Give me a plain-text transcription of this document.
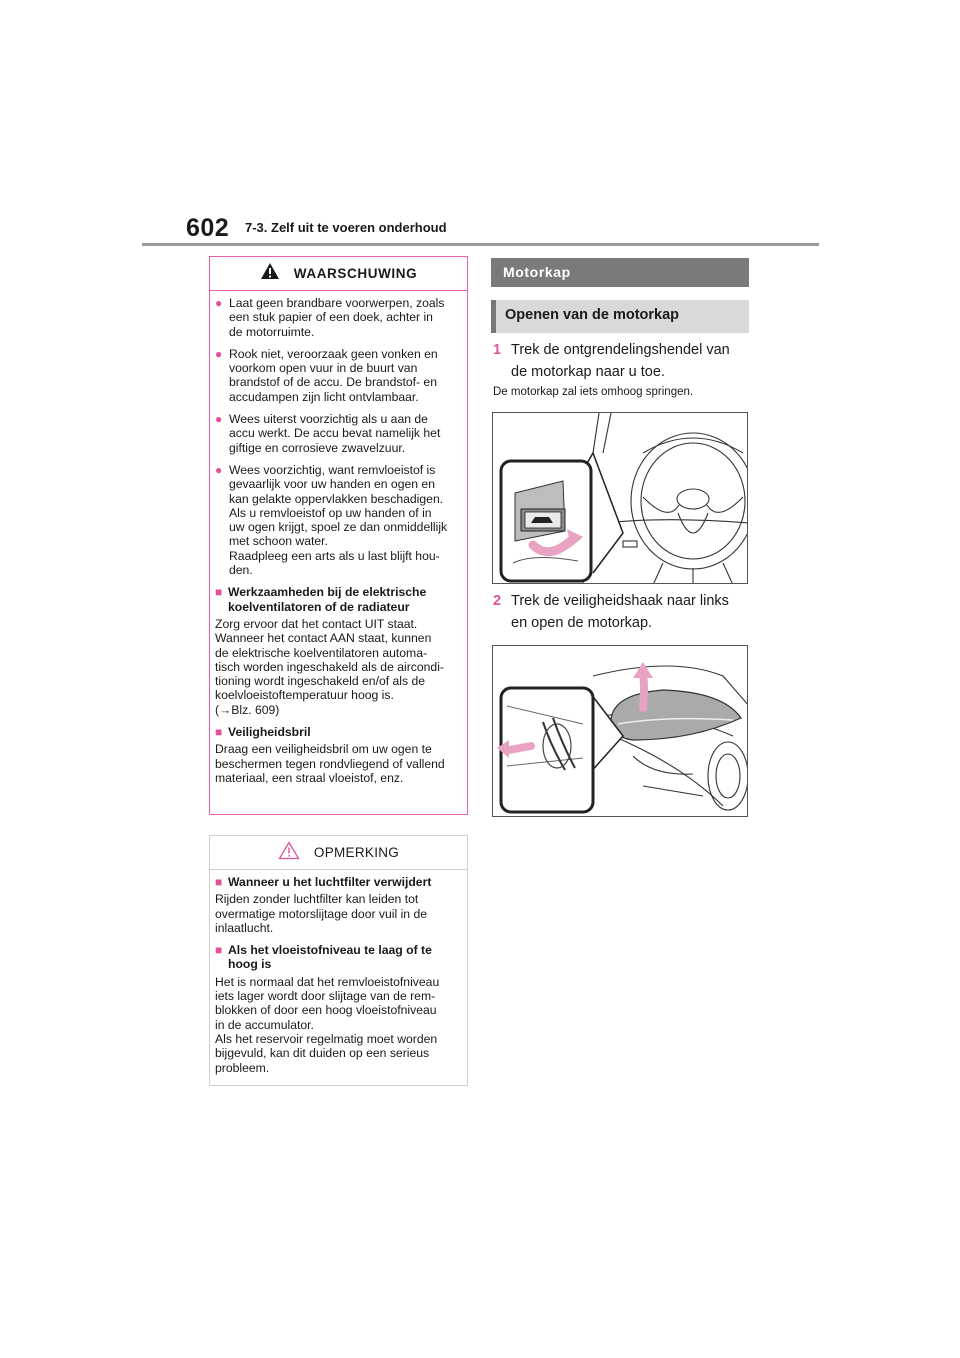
602 7-3. Zelf uit te voeren onderhoud
WAARSCHUWING
● Laat geen brandbare voorwerpen, zoals
een stuk papier of een doek, achter in
de motorruimte.
● Rook niet, veroorzaak geen vonken en
voorkom open vuur in de buurt van
brandstof of de accu. De brandstof- en
accudampen zijn licht ontvlambaar.
● Wees uiterst voorzichtig als u aan de
accu werkt. De accu bevat namelijk het
giftige en corrosieve zwavelzuur.
● Wees voorzichtig, want remvloeistof is
gevaarlijk voor uw handen en ogen en
kan gelakte oppervlakken beschadigen.
Als u remvloeistof op uw handen of in
uw ogen krijgt, spoel ze dan onmiddellijk
met schoon water.
Raadpleeg een arts als u last blijft hou-
den.
■ Werkzaamheden bij de elektrische
koelventilatoren of de radiateur
Zorg ervoor dat het contact UIT staat.
Wanneer het contact AAN staat, kunnen
de elektrische koelventilatoren automa-
tisch worden ingeschakeld als de aircondi-
tioning wordt ingeschakeld en/of als de
koelvloeistoftemperatuur hoog is.
(→Blz. 609)
■ Veiligheidsbril
Draag een veiligheidsbril om uw ogen te
beschermen tegen rondvliegend of vallend
materiaal, een straal vloeistof, enz.
OPMERKING
■ Wanneer u het luchtfilter verwijdert
Rijden zonder luchtfilter kan leiden tot
overmatige motorslijtage door vuil in de
inlaatlucht.
■ Als het vloeistofniveau te laag of te
hoog is
Het is normaal dat het remvloeistofniveau
iets lager wordt door slijtage van de rem-
blokken of door een hoog vloeistofniveau
in de accumulator.
Als het reservoir regelmatig moet worden
bijgevuld, kan dit duiden op een serieus
probleem.
Motorkap
Openen van de motorkap
1 Trek de ontgrendelingshendel van
de motorkap naar u toe.
De motorkap zal iets omhoog springen.
2 Trek de veiligheidshaak naar links
en open de motorkap.
